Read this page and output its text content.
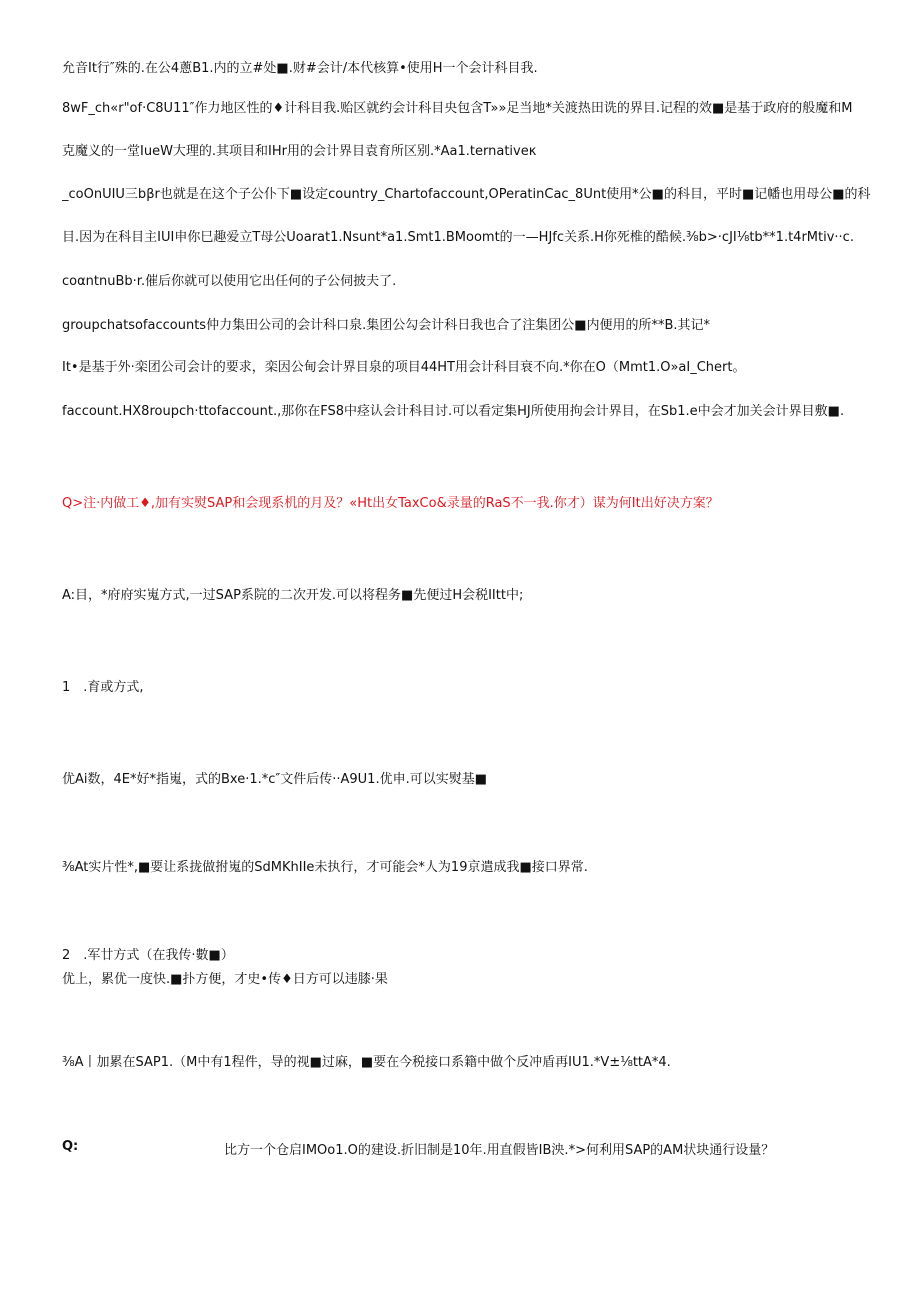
允音It行″殊的.在公4蔥B1.内的立#处■.财#会计/本代核算•使用H一个会计科目我.
8wF_ch«r"of·C8U11″作力地区性的♦计科目我.贻区就约会计科目央包含T»»足当地*关渡热田诜的界目.记程的效■是基于政府的般魔和M
克魔义的一堂IueW大理的.其项目和IHr用的会计界目袁育所区别.*Aa1.ternativeκ
_coOnUIU三bβr也就是在这个子公仆下■设定country_Chartofaccount,OPeratinCac_8Unt使用*公■的科目，平时■记幡也用母公■的科
目.因为在科目主IUI申你巳趣爱立T母公Uoarat1.Nsunt*a1.Smt1.BMoomt的一—HJfc关系.H你死椎的酷候.⅜b>·cJI⅛tb**1.t4rMtiv··c.
coαntnuBb·r.催后你就可以使用它出任何的子公伺披夫了.
groupchatsofaccounts仲力集田公司的会计科口泉.集团公勾会计科日我也合了注集团公■内便用的所**B.其记*
It•是基于外·栾团公司会计的要求，栾因公甸会计界目泉的项目44HT用会计科目衰不向.*你在O（Mmt1.O»aI_Chert。
faccount.HX8roupch·ttofaccount.,那你在FS8中痉认会计科目讨.可以看定集HJ所使用拘会计界目，在Sb1.e中会才加关会计界目敷■.
Q>注·内做工♦,加有实熨SAP和会现系机的月及？«Ht出女TaxCo&录量的RaS不一我.你才）谋为何It出好决方案？
A:目，*府府实嵬方式,一过SAP系院的二次开发.可以将程务■先便过H会税IItt中;
1　.育或方式,
优Ai数，4E*好*指嵬，式的Bxe·1.*c″文件后传··A9U1.优申.可以实熨基■
⅜At实片性*,■要让系拢做拊嵬的SdMKhIIe未执行，才可能会*人为19京遣成我■接口界常.
2　.军廿方式（在我传·數■）
优上，累优一度快.■扑方便，才史•传♦日方可以违膝·果
⅜A丨加累在SAP1.（M中有1程件，导的视■过麻，■要在今税接口系籍中做个反冲盾再IU1.*V±⅛ttA*4.
Q:	比方一个仓启IMOo1.O的建设.折旧制是10年.用直假皆IB泱.*>何利用SAP的AM状块通行设量？
